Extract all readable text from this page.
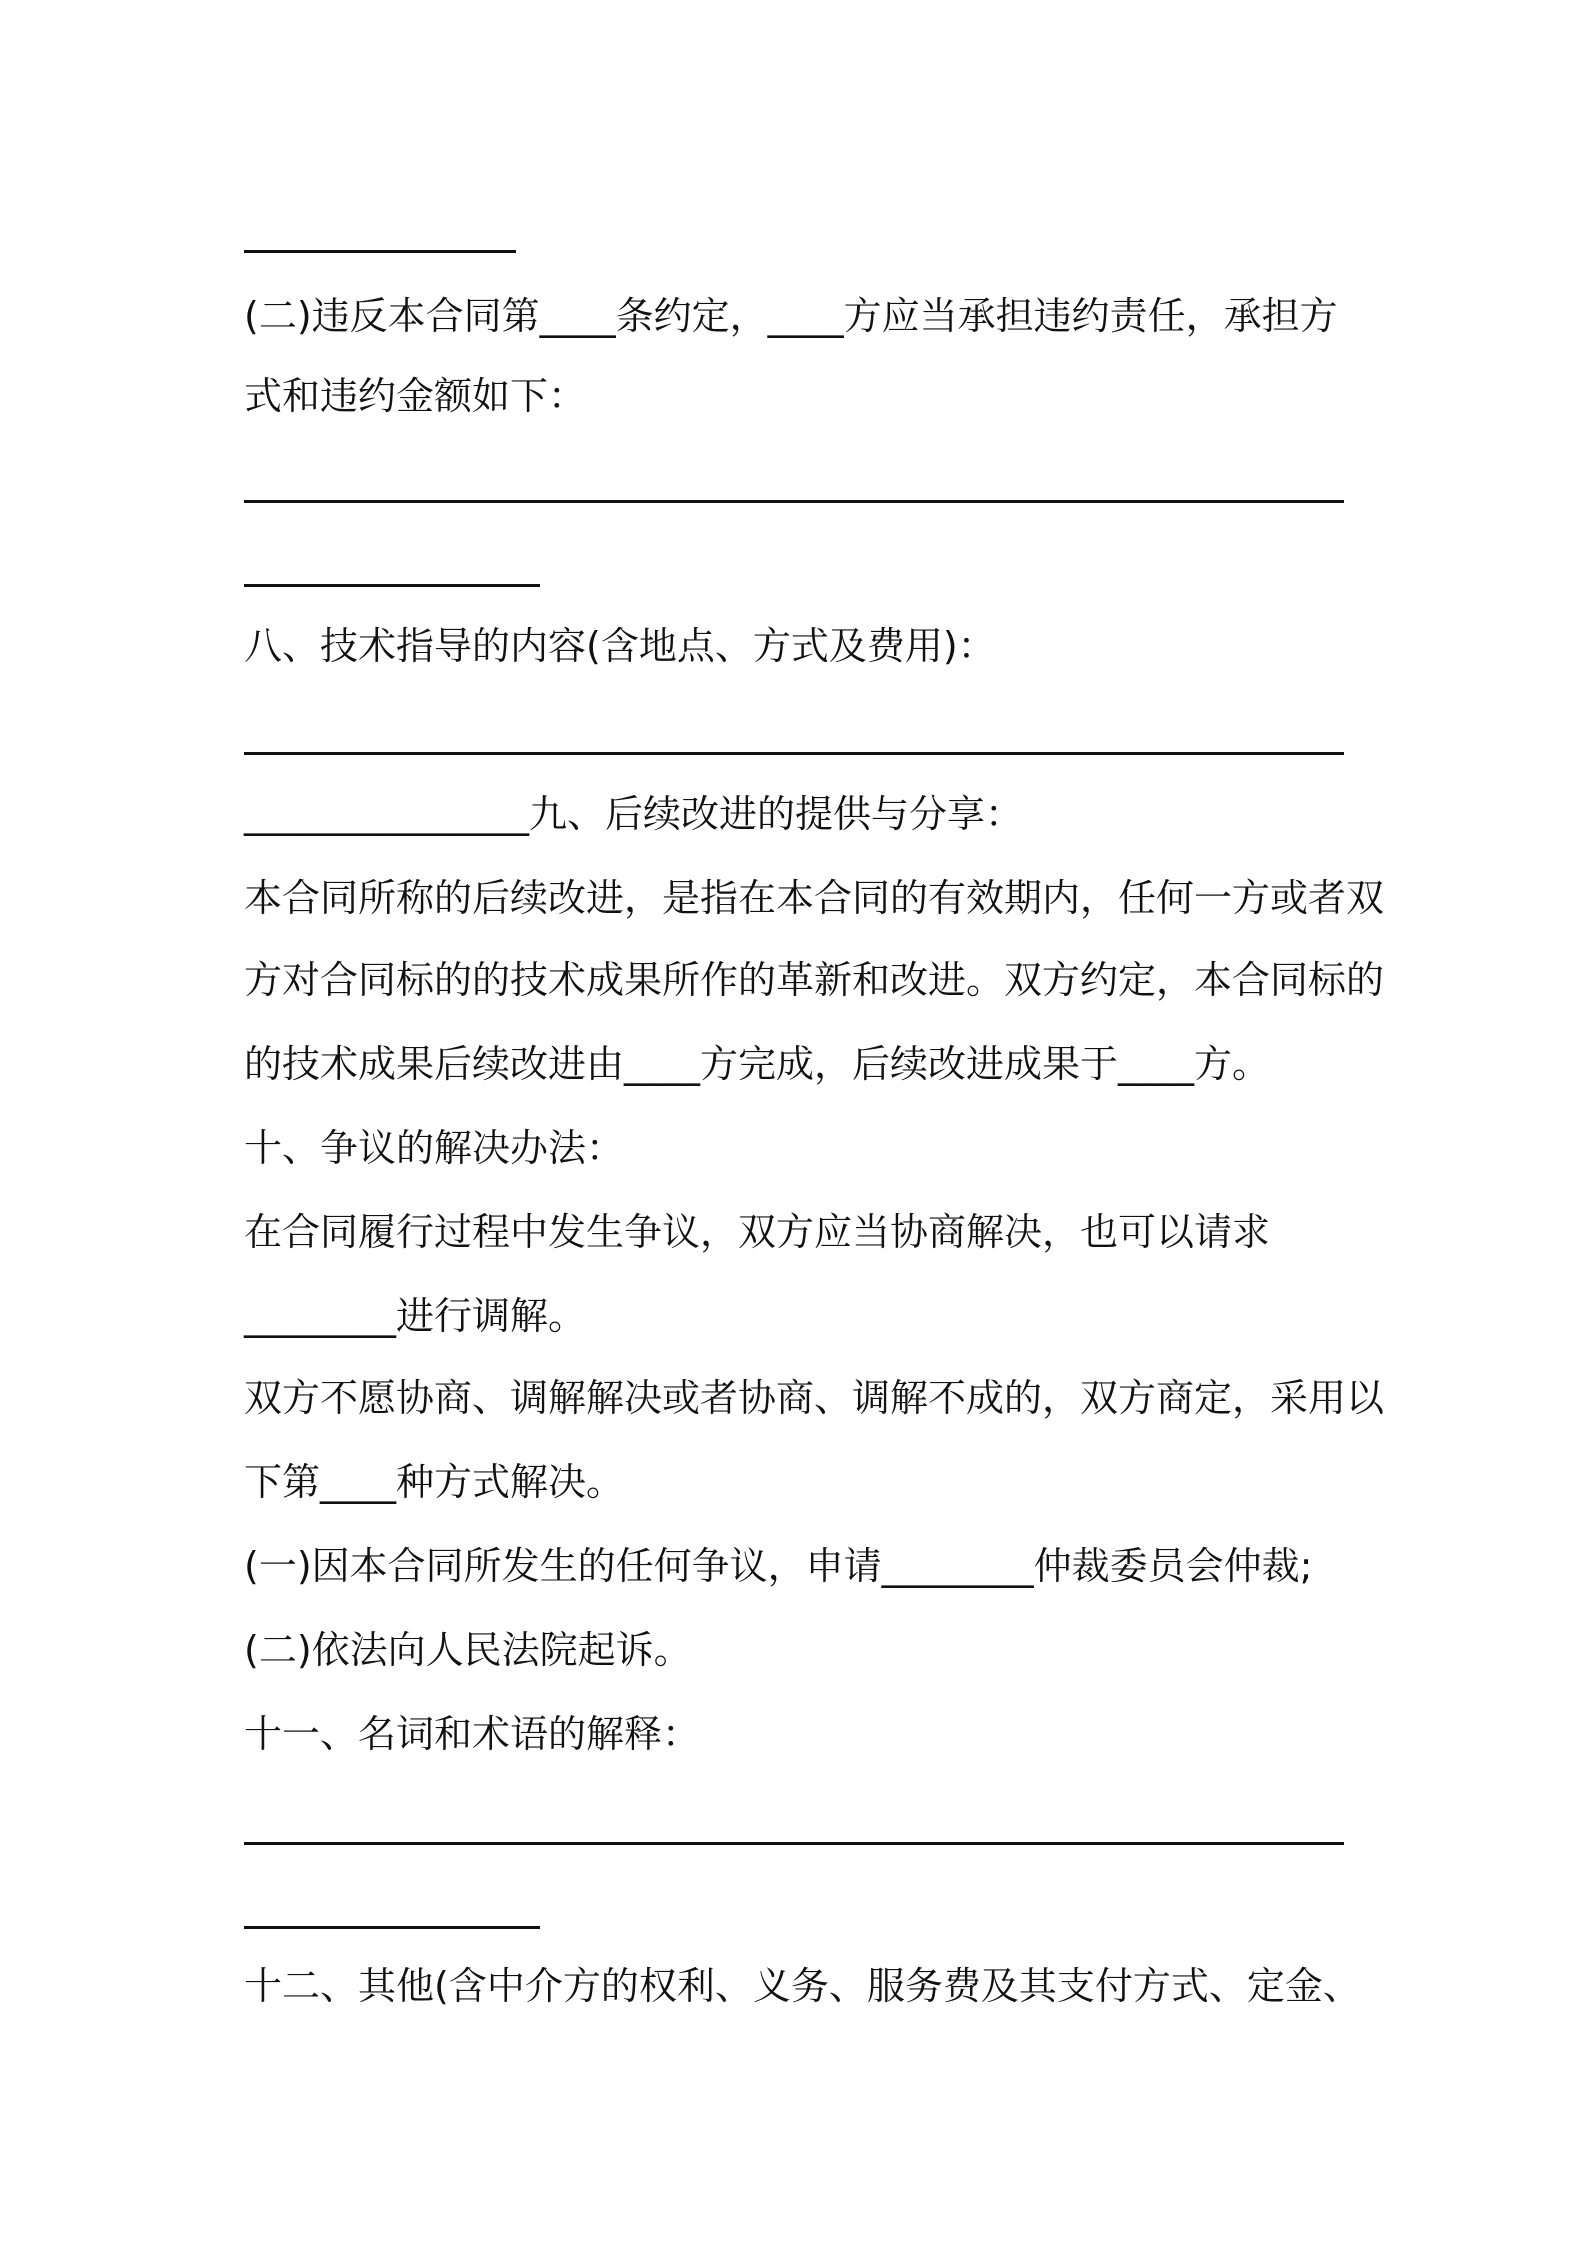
(二)违反本合同第____条约定，____方应当承担违约责任，承担方
式和违约金额如下：
八、技术指导的内容(含地点、方式及费用)：
_______________九、后续改进的提供与分享：
本合同所称的后续改进，是指在本合同的有效期内，任何一方或者双
方对合同标的的技术成果所作的革新和改进。双方约定，本合同标的
的技术成果后续改进由____方完成，后续改进成果于____方。
十、争议的解决办法：
在合同履行过程中发生争议，双方应当协商解决，也可以请求
________进行调解。
双方不愿协商、调解解决或者协商、调解不成的，双方商定，采用以
下第____种方式解决。
(一)因本合同所发生的任何争议，申请________仲裁委员会仲裁;
(二)依法向人民法院起诉。
十一、名词和术语的解释：
十二、其他(含中介方的权利、义务、服务费及其支付方式、定金、
